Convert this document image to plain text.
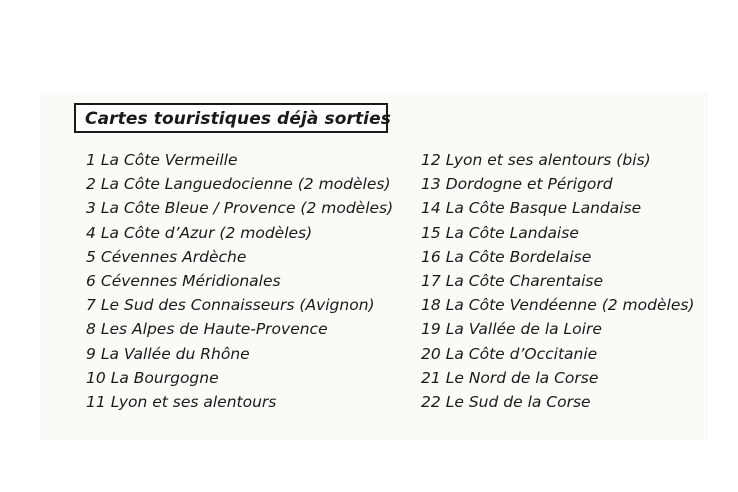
Cartes touristiques déjà sorties
1 La Côte Vermeille
2 La Côte Languedocienne (2 modèles)
3 La Côte Bleue / Provence (2 modèles)
4 La Côte d’Azur (2 modèles)
5 Cévennes Ardèche
6 Cévennes Méridionales
7 Le Sud des Connaisseurs (Avignon)
8 Les Alpes de Haute-Provence
9 La Vallée du Rhône
10 La Bourgogne
11 Lyon et ses alentours
12 Lyon et ses alentours (bis)
13 Dordogne et Périgord
14 La Côte Basque Landaise
15 La Côte Landaise
16 La Côte Bordelaise
17 La Côte Charentaise
18 La Côte Vendéenne (2 modèles)
19 La Vallée de la Loire
20 La Côte d’Occitanie
21 Le Nord de la Corse
22 Le Sud de la Corse
